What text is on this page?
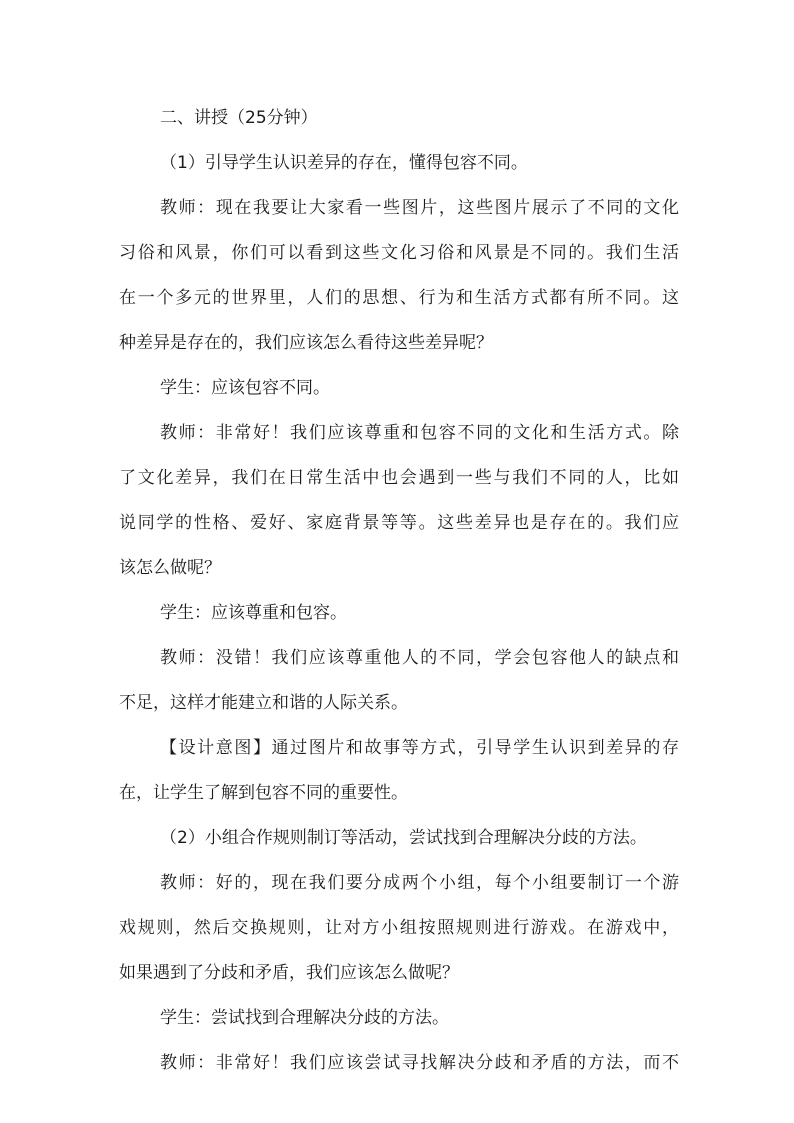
二、讲授（25分钟）
（1）引导学生认识差异的存在，懂得包容不同。
教师：现在我要让大家看一些图片，这些图片展示了不同的文化
习俗和风景，你们可以看到这些文化习俗和风景是不同的。我们生活
在一个多元的世界里，人们的思想、行为和生活方式都有所不同。这
种差异是存在的，我们应该怎么看待这些差异呢？
学生：应该包容不同。
教师：非常好！我们应该尊重和包容不同的文化和生活方式。除
了文化差异，我们在日常生活中也会遇到一些与我们不同的人，比如
说同学的性格、爱好、家庭背景等等。这些差异也是存在的。我们应
该怎么做呢？
学生：应该尊重和包容。
教师：没错！我们应该尊重他人的不同，学会包容他人的缺点和
不足，这样才能建立和谐的人际关系。
【设计意图】通过图片和故事等方式，引导学生认识到差异的存
在，让学生了解到包容不同的重要性。
（2）小组合作规则制订等活动，尝试找到合理解决分歧的方法。
教师：好的，现在我们要分成两个小组，每个小组要制订一个游
戏规则，然后交换规则，让对方小组按照规则进行游戏。在游戏中，
如果遇到了分歧和矛盾，我们应该怎么做呢？
学生：尝试找到合理解决分歧的方法。
教师：非常好！我们应该尝试寻找解决分歧和矛盾的方法，而不
